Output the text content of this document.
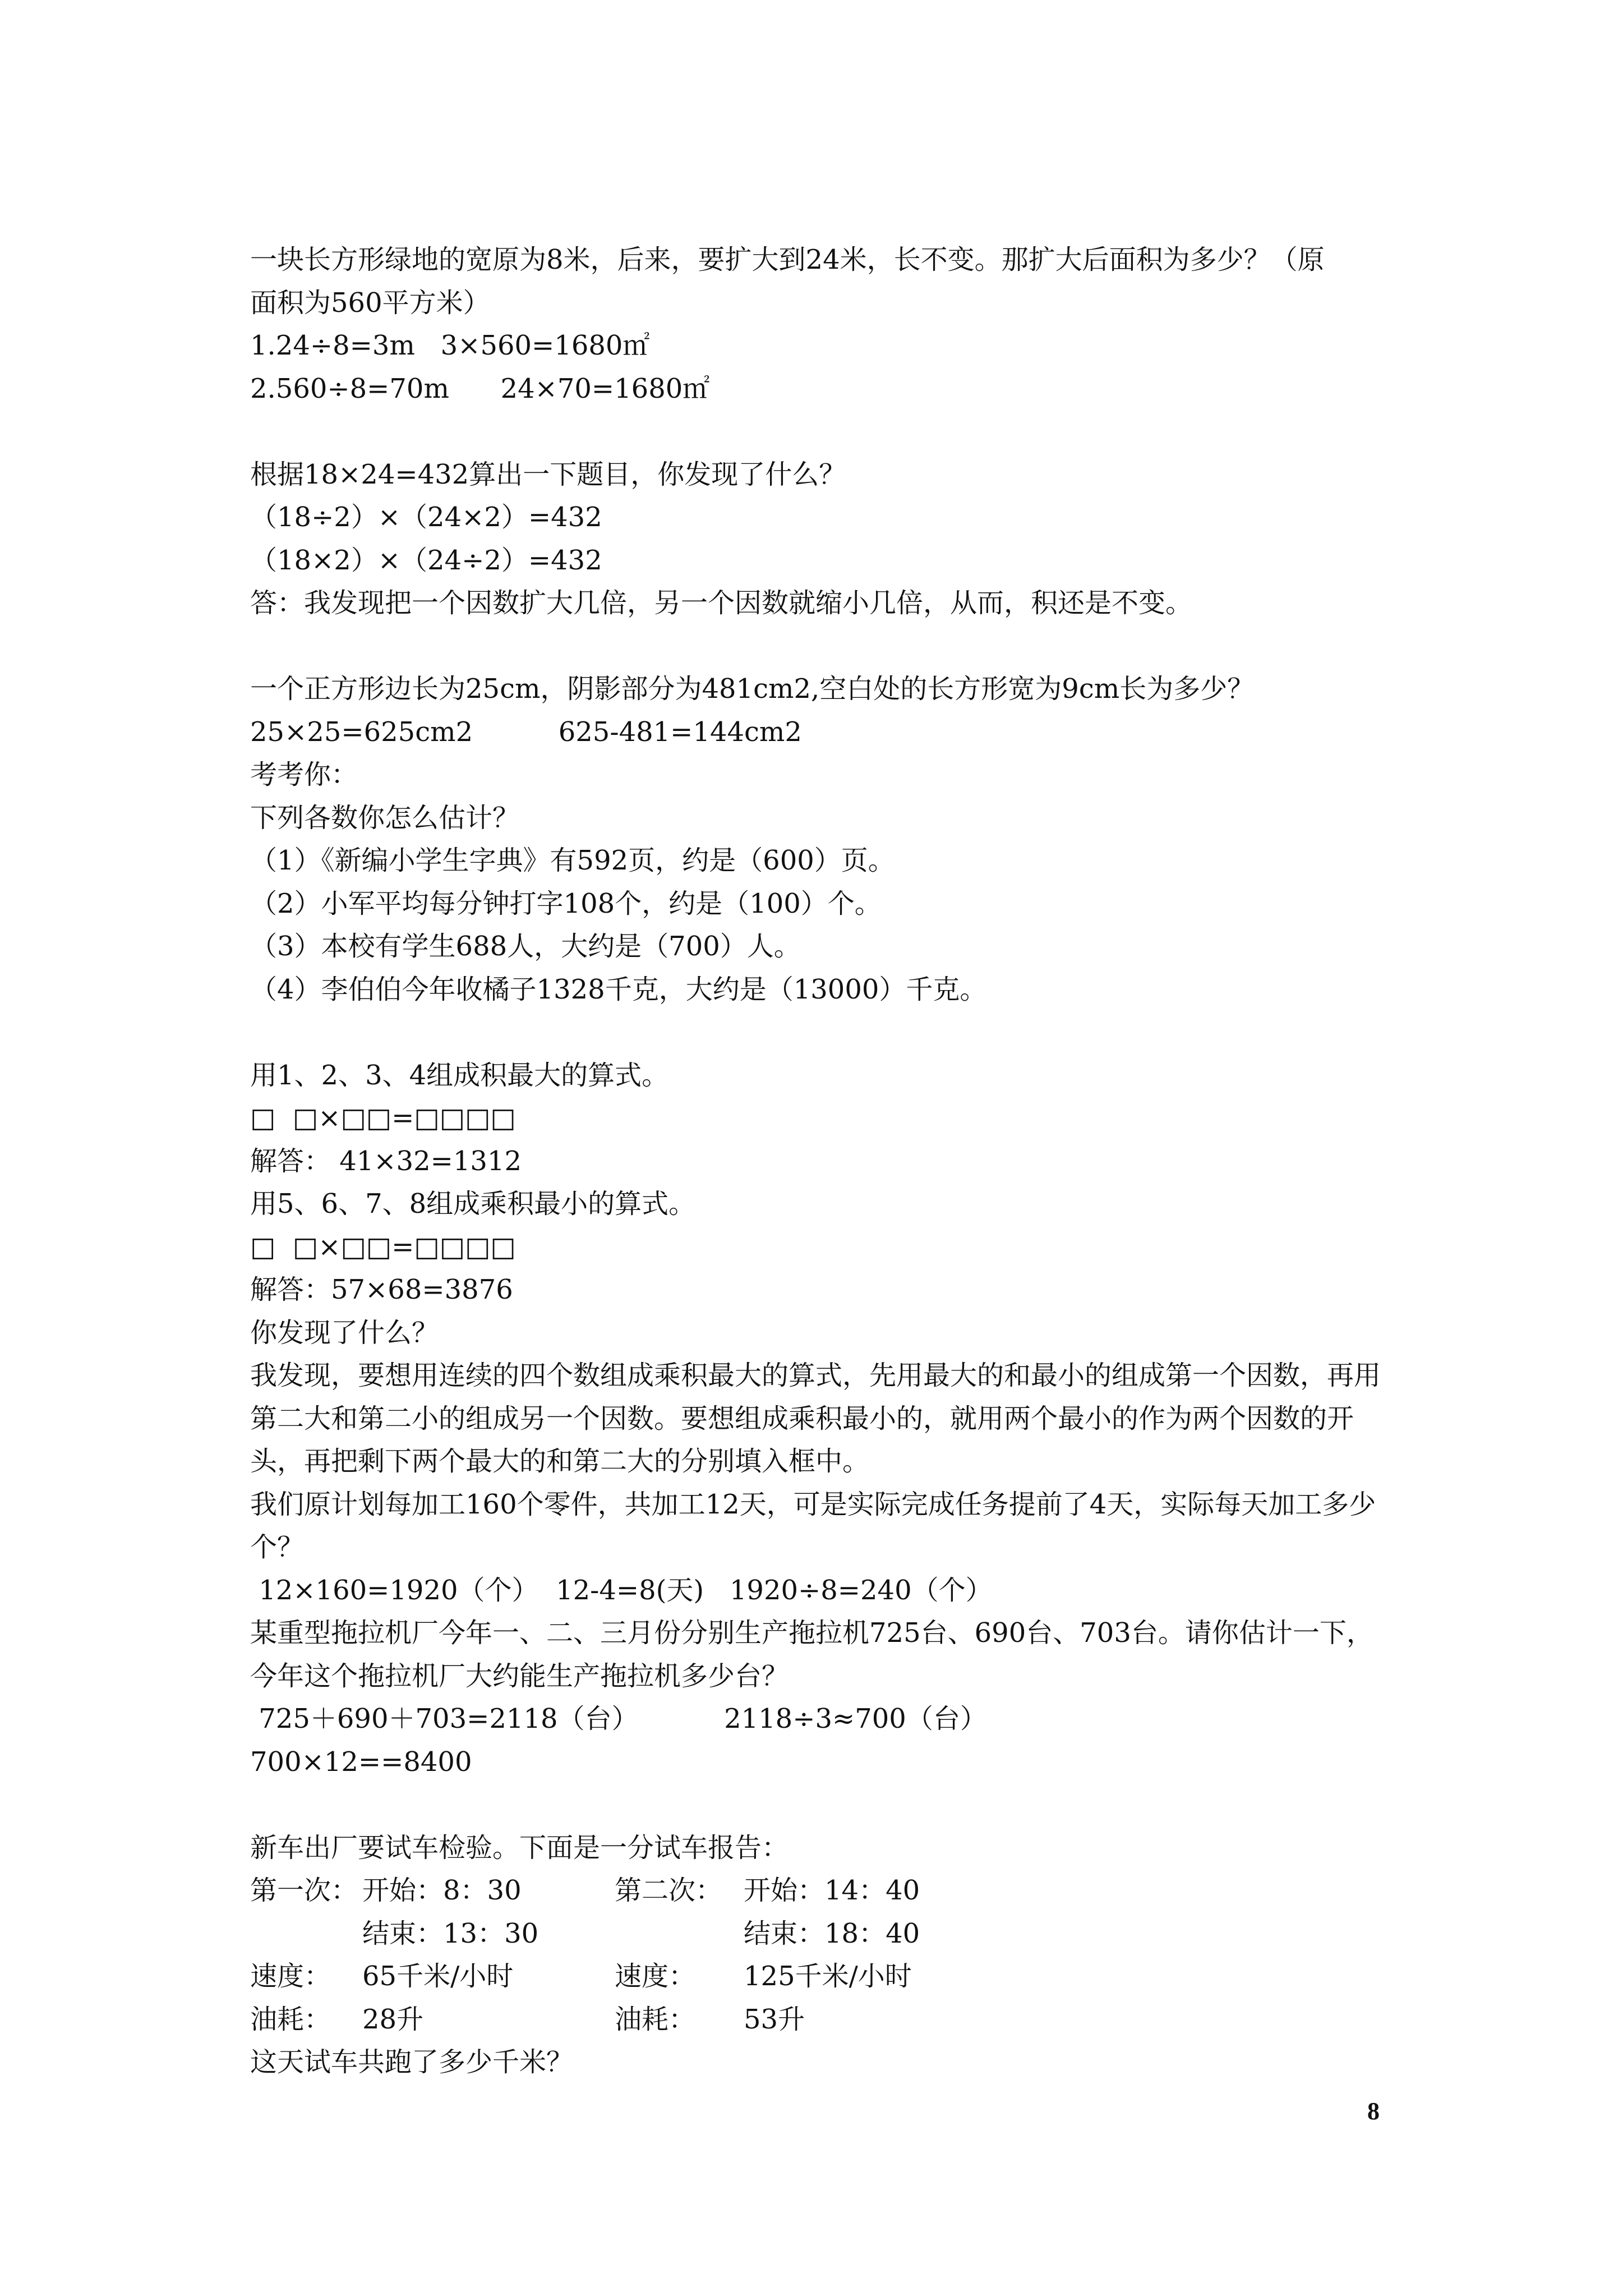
一块长方形绿地的宽原为8米，后来，要扩大到24米，长不变。那扩大后面积为多少？（原
面积为560平方米）
1.24÷8=3m   3×560=1680㎡
2.560÷8=70m      24×70=1680㎡
根据18×24=432算出一下题目，你发现了什么？
（18÷2）×（24×2）=432
（18×2）×（24÷2）=432
答：我发现把一个因数扩大几倍，另一个因数就缩小几倍，从而，积还是不变。
一个正方形边长为25cm，阴影部分为481cm2,空白处的长方形宽为9cm长为多少？
25×25=625cm2          625-481=144cm2
考考你：
下列各数你怎么估计？
（1）《新编小学生字典》有592页，约是（600）页。
（2）小军平均每分钟打字108个，约是（100）个。
（3）本校有学生688人，大约是（700）人。
（4）李伯伯今年收橘子1328千克，大约是（13000）千克。
用1、2、3、4组成积最大的算式。
□  □×□□=□□□□
解答： 41×32=1312
用5、6、7、8组成乘积最小的算式。
□  □×□□=□□□□
解答：57×68=3876
你发现了什么？
我发现，要想用连续的四个数组成乘积最大的算式，先用最大的和最小的组成第一个因数，再用第二大和第二小的组成另一个因数。要想组成乘积最小的，就用两个最小的作为两个因数的开头，再把剩下两个最大的和第二大的分别填入框中。
我们原计划每加工160个零件，共加工12天，可是实际完成任务提前了4天，实际每天加工多少个？
12×160=1920（个）  12-4=8(天)   1920÷8=240（个）
某重型拖拉机厂今年一、二、三月份分别生产拖拉机725台、690台、703台。请你估计一下，今年这个拖拉机厂大约能生产拖拉机多少台？
725＋690＋703=2118（台）          2118÷3≈700（台）
700×12==8400
新车出厂要试车检验。下面是一分试车报告：
第一次： 开始：8：30	第二次： 开始：14：40
结束：13：30	结束：18：40
速度：	65千米/小时	速度：	125千米/小时
油耗：	28升	油耗：	53升
这天试车共跑了多少千米？
8
